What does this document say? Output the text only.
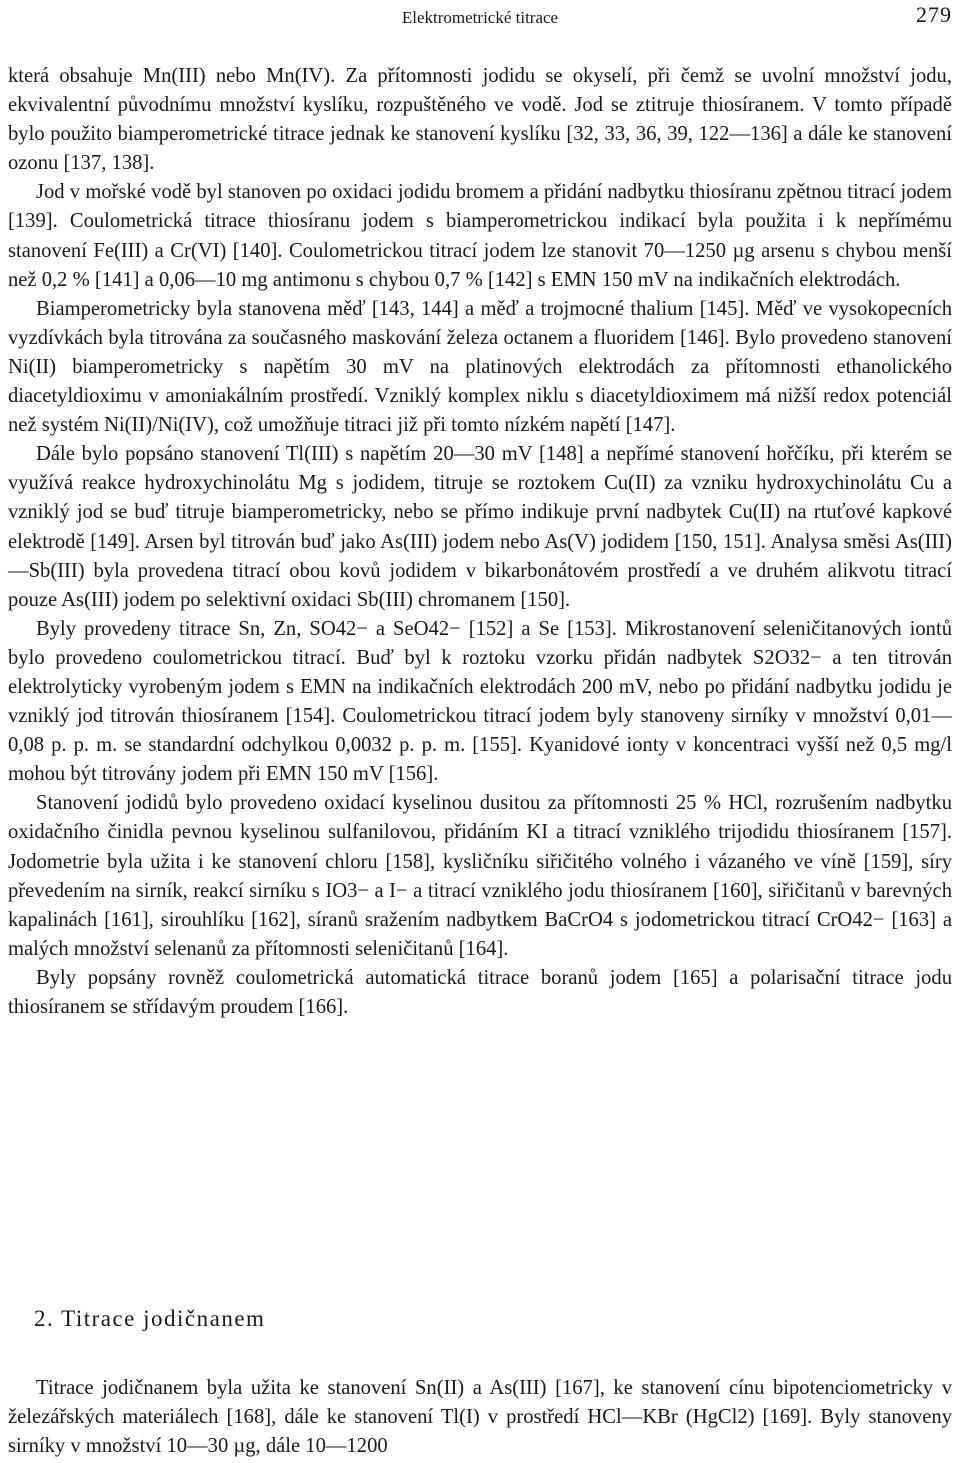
Elektrometrické titrace	279

která obsahuje Mn(III) nebo Mn(IV). Za přítomnosti jodidu se okyselí, při čemž se uvolní množství jodu, ekvivalentní původnímu množství kyslíku, rozpuštěného ve vodě. Jod se ztitruje thiosíranem. V tomto případě bylo použito biamperometrické titrace jednak ke stanovení kyslíku [32, 33, 36, 39, 122—136] a dále ke stanovení ozonu [137, 138].

Jod v mořské vodě byl stanoven po oxidaci jodidu bromem a přidání nadbytku thiosíranu zpětnou titrací jodem [139]. Coulometrická titrace thiosíranu jodem s biamperometrickou indikací byla použita i k nepřímému stanovení Fe(III) a Cr(VI) [140]. Coulometrickou titrací jodem lze stanovit 70—1250 µg arsenu s chybou menší než 0,2 % [141] a 0,06—10 mg antimonu s chybou 0,7 % [142] s EMN 150 mV na indikačních elektrodách.

Biamperometricky byla stanovena měď [143, 144] a měď a trojmocné thalium [145]. Měď ve vysokopecních vyzdívkách byla titrována za současného maskování železa octanem a fluoridem [146]. Bylo provedeno stanovení Ni(II) biamperometricky s napětím 30 mV na platinových elektrodách za přítomnosti ethanolického diacetyldioximu v amoniakálním prostředí. Vzniklý komplex niklu s diacetyldioximem má nižší redox potenciál než systém Ni(II)/Ni(IV), což umožňuje titraci již při tomto nízkém napětí [147].

Dále bylo popsáno stanovení Tl(III) s napětím 20—30 mV [148] a nepřímé stanovení hořčíku, při kterém se využívá reakce hydroxychinolátu Mg s jodidem, titruje se roztokem Cu(II) za vzniku hydroxychinolátu Cu a vzniklý jod se buď titruje biamperometricky, nebo se přímo indikuje první nadbytek Cu(II) na rtuťové kapkové elektrodě [149]. Arsen byl titrován buď jako As(III) jodem nebo As(V) jodidem [150, 151]. Analysa směsi As(III)—Sb(III) byla provedena titrací obou kovů jodidem v bikarbonátovém prostředí a ve druhém alikvotu titrací pouze As(III) jodem po selektivní oxidaci Sb(III) chromanem [150].

Byly provedeny titrace Sn, Zn, SO42− a SeO42− [152] a Se [153]. Mikrostanovení seleničitanových iontů bylo provedeno coulometrickou titrací. Buď byl k roztoku vzorku přidán nadbytek S2O32− a ten titrován elektrolyticky vyrobeným jodem s EMN na indikačních elektrodách 200 mV, nebo po přidání nadbytku jodidu je vzniklý jod titrován thiosíranem [154]. Coulometrickou titrací jodem byly stanoveny sirníky v množství 0,01—0,08 p. p. m. se standardní odchylkou 0,0032 p. p. m. [155]. Kyanidové ionty v koncentraci vyšší než 0,5 mg/l mohou být titrovány jodem při EMN 150 mV [156].

Stanovení jodidů bylo provedeno oxidací kyselinou dusitou za přítomnosti 25 % HCl, rozrušením nadbytku oxidačního činidla pevnou kyselinou sulfanilovou, přidáním KI a titrací vzniklého trijodidu thiosíranem [157]. Jodometrie byla užita i ke stanovení chloru [158], kysličníku siřičitého volného i vázaného ve víně [159], síry převedením na sirník, reakcí sirníku s IO3− a I− a titrací vzniklého jodu thiosíranem [160], siřičitanů v barevných kapalinách [161], sirouhlíku [162], síranů sražením nadbytkem BaCrO4 s jodometrickou titrací CrO42− [163] a malých množství selenanů za přítomnosti seleničitanů [164].

Byly popsány rovněž coulometrická automatická titrace boranů jodem [165] a polarisační titrace jodu thiosíranem se střídavým proudem [166].

2. Titrace jodičnanem

Titrace jodičnanem byla užita ke stanovení Sn(II) a As(III) [167], ke stanovení cínu bipotenciometricky v železářských materiálech [168], dále ke stanovení Tl(I) v prostředí HCl—KBr (HgCl2) [169]. Byly stanoveny sirníky v množství 10—30 µg, dále 10—1200
